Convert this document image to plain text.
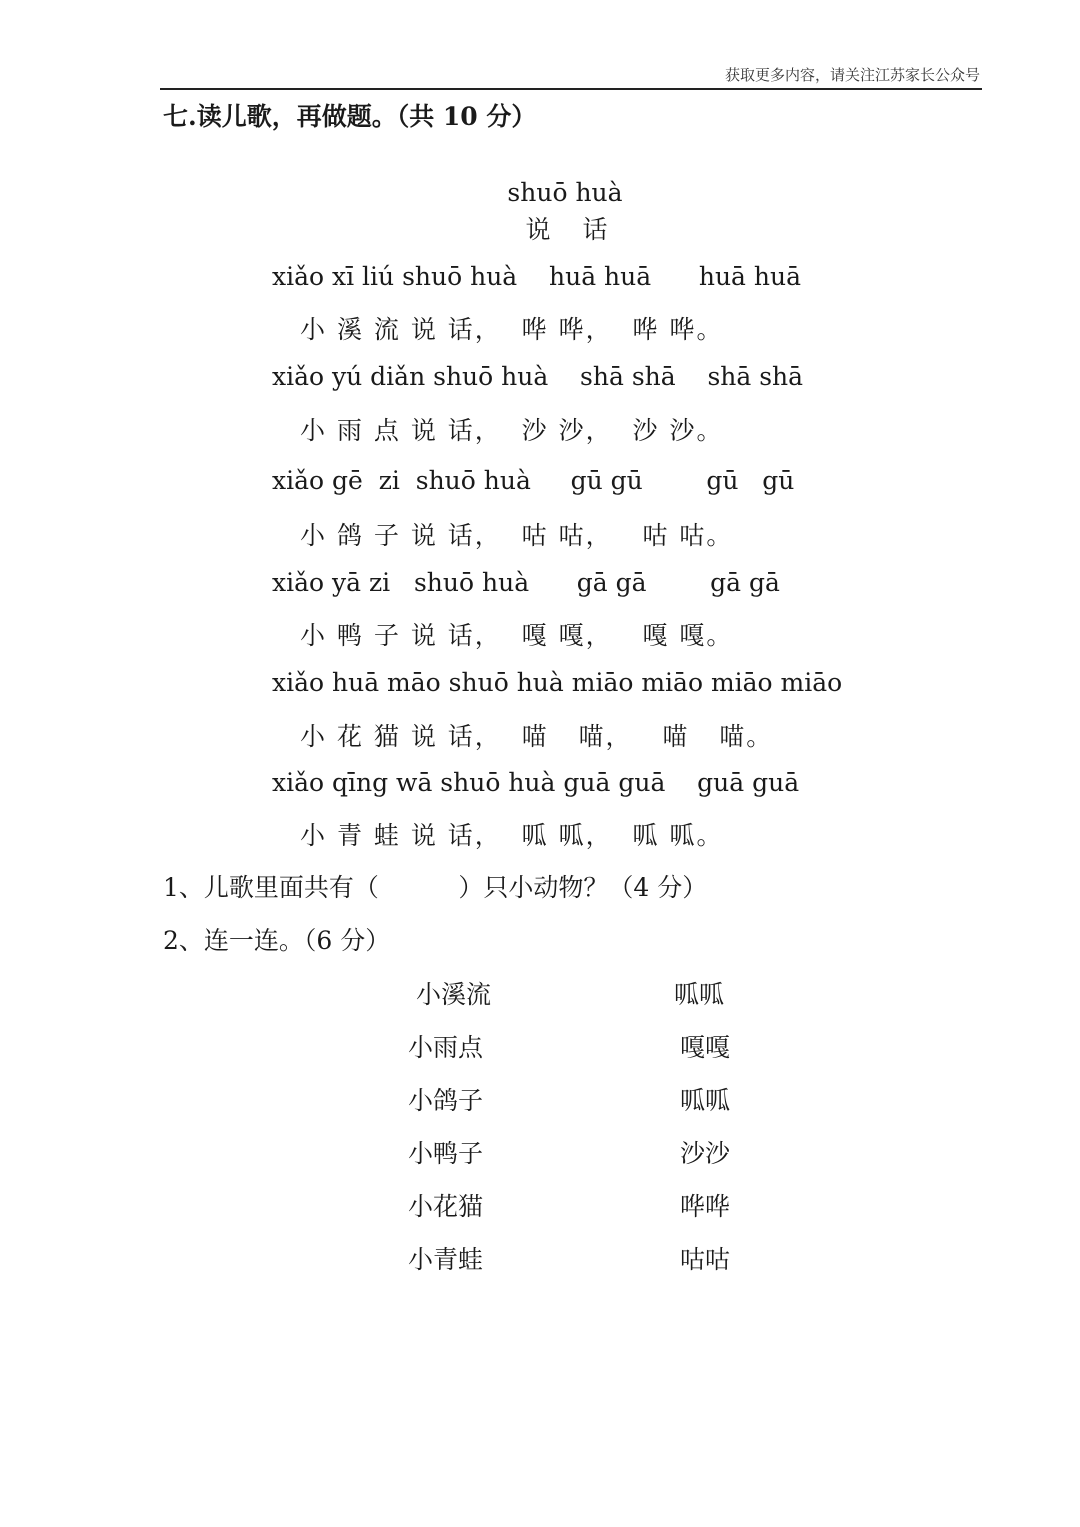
获取更多内容，请关注江苏家长公众号
七.读儿歌，再做题。（共 10 分）
shuō huà
说 话
xiǎo xī liú shuō huà    huā huā      huā huā
小 溪 流 说 话，  哗 哗，  哗 哗。
xiǎo yú diǎn shuō huà    shā shā    shā shā
小 雨 点 说 话，  沙 沙，  沙 沙。
xiǎo gē  zi  shuō huà     gū gū        gū   gū
小 鸽 子 说 话，  咕 咕，   咕 咕。
xiǎo yā zi   shuō huà      gā gā        gā gā
小 鸭 子 说 话，  嘎 嘎，   嘎 嘎。
xiǎo huā māo shuō huà miāo miāo miāo miāo
小 花 猫 说 话，  喵   喵，   喵   喵。
xiǎo qīng wā shuō huà guā guā    guā guā
小 青 蛙 说 话，  呱 呱，  呱 呱。
1、儿歌里面共有（          ）只小动物？（4 分）
2、连一连。（6 分）
小溪流	呱呱
小雨点	嘎嘎
小鸽子	呱呱
小鸭子	沙沙
小花猫	哗哗
小青蛙	咕咕
